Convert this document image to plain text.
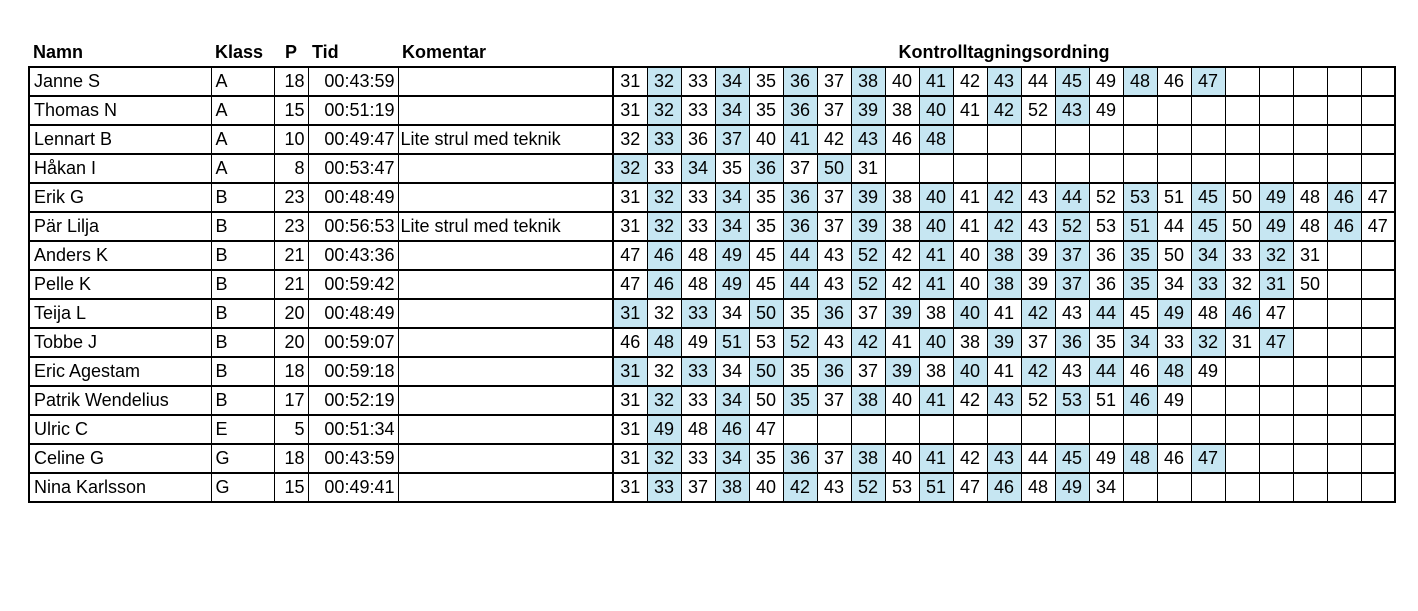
Namn	Klass	P	Tid	Komentar		Kontrolltagningsordning																						
Janne S	A	18	00:43:59			31	32	33	34	35	36	37	38	40	41	42	43	44	45	49	48	46	47					
Thomas N	A	15	00:51:19			31	32	33	34	35	36	37	39	38	40	41	42	52	43	49								
Lennart B	A	10	00:49:47	Lite strul med teknik		32	33	36	37	40	41	42	43	46	48													
Håkan I	A	8	00:53:47			32	33	34	35	36	37	50	31															
Erik G	B	23	00:48:49			31	32	33	34	35	36	37	39	38	40	41	42	43	44	52	53	51	45	50	49	48	46	47
Pär Lilja	B	23	00:56:53	Lite strul med teknik		31	32	33	34	35	36	37	39	38	40	41	42	43	52	53	51	44	45	50	49	48	46	47
Anders K	B	21	00:43:36			47	46	48	49	45	44	43	52	42	41	40	38	39	37	36	35	50	34	33	32	31		
Pelle K	B	21	00:59:42			47	46	48	49	45	44	43	52	42	41	40	38	39	37	36	35	34	33	32	31	50		
Teija L	B	20	00:48:49			31	32	33	34	50	35	36	37	39	38	40	41	42	43	44	45	49	48	46	47			
Tobbe J	B	20	00:59:07			46	48	49	51	53	52	43	42	41	40	38	39	37	36	35	34	33	32	31	47			
Eric Agestam	B	18	00:59:18			31	32	33	34	50	35	36	37	39	38	40	41	42	43	44	46	48	49					
Patrik Wendelius	B	17	00:52:19			31	32	33	34	50	35	37	38	40	41	42	43	52	53	51	46	49						
Ulric C	E	5	00:51:34			31	49	48	46	47																		
Celine G	G	18	00:43:59			31	32	33	34	35	36	37	38	40	41	42	43	44	45	49	48	46	47					
Nina Karlsson	G	15	00:49:41			31	33	37	38	40	42	43	52	53	51	47	46	48	49	34								
